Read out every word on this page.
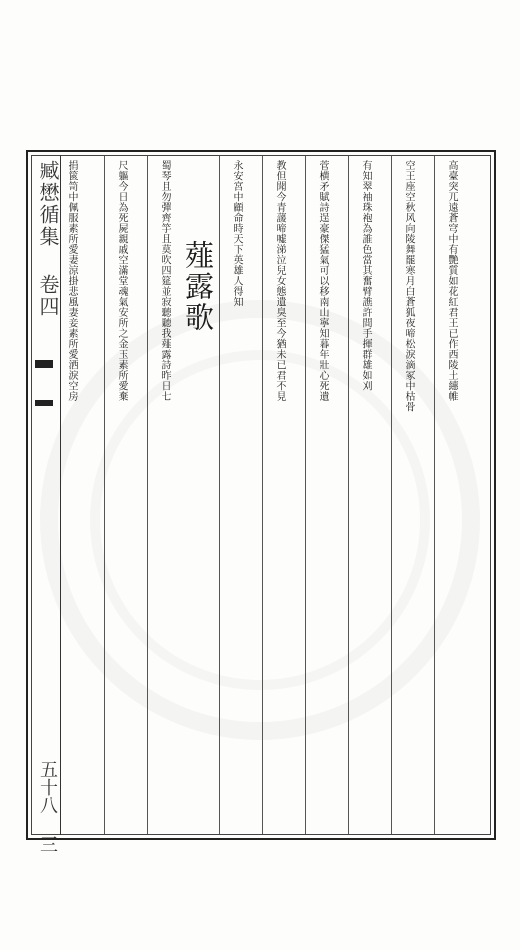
臧懋循集 卷四
五十八 三
高臺突兀遠蒼穹中有艷質如花紅君王已作西陵土繐帷
空王座空秋风向陵舞罷寒月白蒼狐夜啼松淚滴冢中枯骨
有知翠袖珠袍為誰色當其奮臂譙許間手揮群雄如刈
菅横矛賦詩逞豪傑猛氣可以移南山寧知暮年壯心死遺
教但聞今青蘐啼嘘涕泣兒女態遺臭至今猶未已君不見
永安宮中顧命時天下英雄人得知
薤露歌
蜀琴且勿彈齊竽且莫吹四筵並寂聽聽我薤露詩昨日七
尺軀今日為死屍親戚空滿堂魂氣安所之金玉素所愛棄
捐篋笥中佩服素所愛妻涼掛悲風妻妾素所愛洒淚空房
